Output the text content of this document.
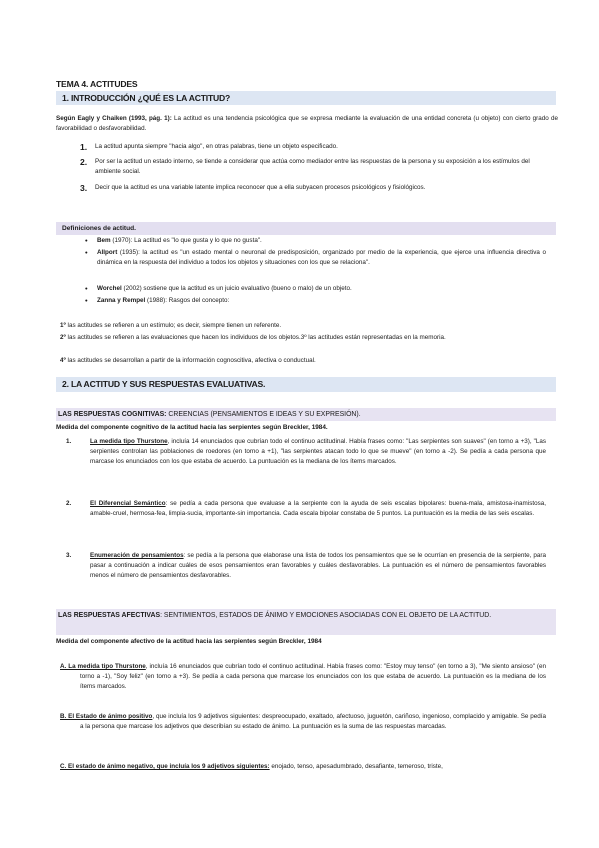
TEMA 4. ACTITUDES
1. INTRODUCCIÓN ¿QUÉ ES LA ACTITUD?
Según Eagly y Chaiken (1993, pág. 1): La actitud es una tendencia psicológica que se expresa mediante la evaluación de una entidad concreta (u objeto) con cierto grado de favorabilidad o desfavorabilidad.
1.	La actitud apunta siempre "hacia algo", en otras palabras, tiene un objeto especificado.
2.	Por ser la actitud un estado interno, se tiende a considerar que actúa como mediador entre las respuestas de la persona y su exposición a los estímulos del ambiente social.
3.	Decir que la actitud es una variable latente implica reconocer que a ella subyacen procesos psicológicos y fisiológicos.
Definiciones de actitud.
•	Bem (1970): La actitud es "lo que gusta y lo que no gusta".
•	Allport (1935): la actitud es "un estado mental o neuronal de predisposición, organizado por medio de la experiencia, que ejerce una influencia directiva o dinámica en la respuesta del individuo a todos los objetos y situaciones con los que se relaciona".
•	Worchel (2002) sostiene que la actitud es un juicio evaluativo (bueno o malo) de un objeto.
•	Zanna y Rempel (1988): Rasgos del concepto:
1º las actitudes se refieren a un estímulo; es decir, siempre tienen un referente.
2º las actitudes se refieren a las evaluaciones que hacen los individuos de los objetos.3º las actitudes están representadas en la memoria.
4º las actitudes se desarrollan a partir de la información cognoscitiva, afectiva o conductual.
2. LA ACTITUD Y SUS RESPUESTAS EVALUATIVAS.
LAS RESPUESTAS COGNITIVAS: CREENCIAS (PENSAMIENTOS E IDEAS Y SU EXPRESIÓN).
Medida del componente cognitivo de la actitud hacia las serpientes según Breckler, 1984.
1.	La medida tipo Thurstone, incluía 14 enunciados que cubrían todo el continuo actitudinal. Había frases como: "Las serpientes son suaves" (en torno a +3), "Las serpientes controlan las poblaciones de roedores (en torno a +1), "las serpientes atacan todo lo que se mueve" (en torno a -2). Se pedía a cada persona que marcase los enunciados con los que estaba de acuerdo. La puntuación es la mediana de los ítems marcados.
2.	El Diferencial Semántico: se pedía a cada persona que evaluase a la serpiente con la ayuda de seis escalas bipolares: buena-mala, amistosa-inamistosa, amable-cruel, hermosa-fea, limpia-sucia, importante-sin importancia. Cada escala bipolar constaba de 5 puntos. La puntuación es la media de las seis escalas.
3.	Enumeración de pensamientos: se pedía a la persona que elaborase una lista de todos los pensamientos que se le ocurrían en presencia de la serpiente, para pasar a continuación a indicar cuáles de esos pensamientos eran favorables y cuáles desfavorables. La puntuación es el número de pensamientos favorables menos el número de pensamientos desfavorables.
LAS RESPUESTAS AFECTIVAS: SENTIMIENTOS, ESTADOS DE ÁNIMO Y EMOCIONES ASOCIADAS CON EL OBJETO DE LA ACTITUD.
Medida del componente afectivo de la actitud hacia las serpientes según Breckler, 1984
A. La medida tipo Thurstone, incluía 16 enunciados que cubrían todo el continuo actitudinal. Había frases como: "Estoy muy tenso" (en torno a 3), "Me siento ansioso" (en torno a -1), "Soy feliz" (en torno a +3). Se pedía a cada persona que marcase los enunciados con los que estaba de acuerdo. La puntuación es la mediana de los ítems marcados.
B. El Estado de ánimo positivo, que incluía los 9 adjetivos siguientes: despreocupado, exaltado, afectuoso, juguetón, cariñoso, ingenioso, complacido y amigable. Se pedía a la persona que marcase los adjetivos que describían su estado de ánimo. La puntuación es la suma de las respuestas marcadas.
C. El estado de ánimo negativo, que incluía los 9 adjetivos siguientes: enojado, tenso, apesadumbrado, desafiante, temeroso, triste,
